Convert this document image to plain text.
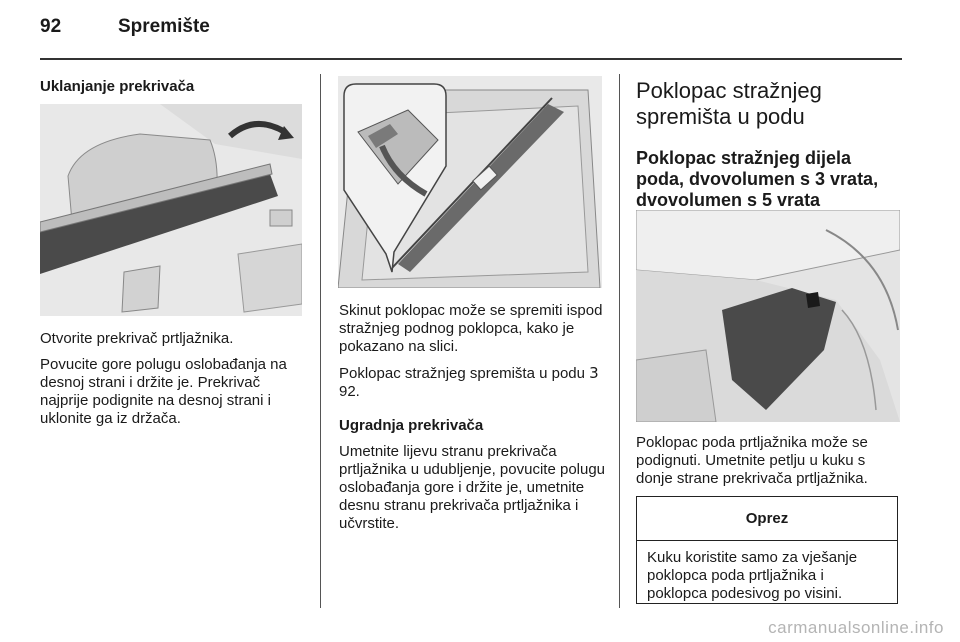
92	Spremište

Uklanjanje prekrivača

Otvorite prekrivač prtljažnika.

Povucite gore polugu oslobađanja na desnoj strani i držite je. Prekrivač najprije podignite na desnoj strani i uklonite ga iz držača.

Skinut poklopac može se spremiti ispod stražnjeg podnog poklopca, kako je pokazano na slici.

Poklopac stražnjeg spremišta u podu 3 92.

Ugradnja prekrivača

Umetnite lijevu stranu prekrivača prtljažnika u udubljenje, povucite polugu oslobađanja gore i držite je, umetnite desnu stranu prekrivača prtljažnika i učvrstite.

Poklopac stražnjeg spremišta u podu

Poklopac stražnjeg dijela poda, dvovolumen s 3 vrata, dvovolumen s 5 vrata

Poklopac poda prtljažnika može se podignuti. Umetnite petlju u kuku s donje strane prekrivača prtljažnika.

Oprez
Kuku koristite samo za vješanje poklopca poda prtljažnika i poklopca podesivog po visini.
carmanualsonline.info
